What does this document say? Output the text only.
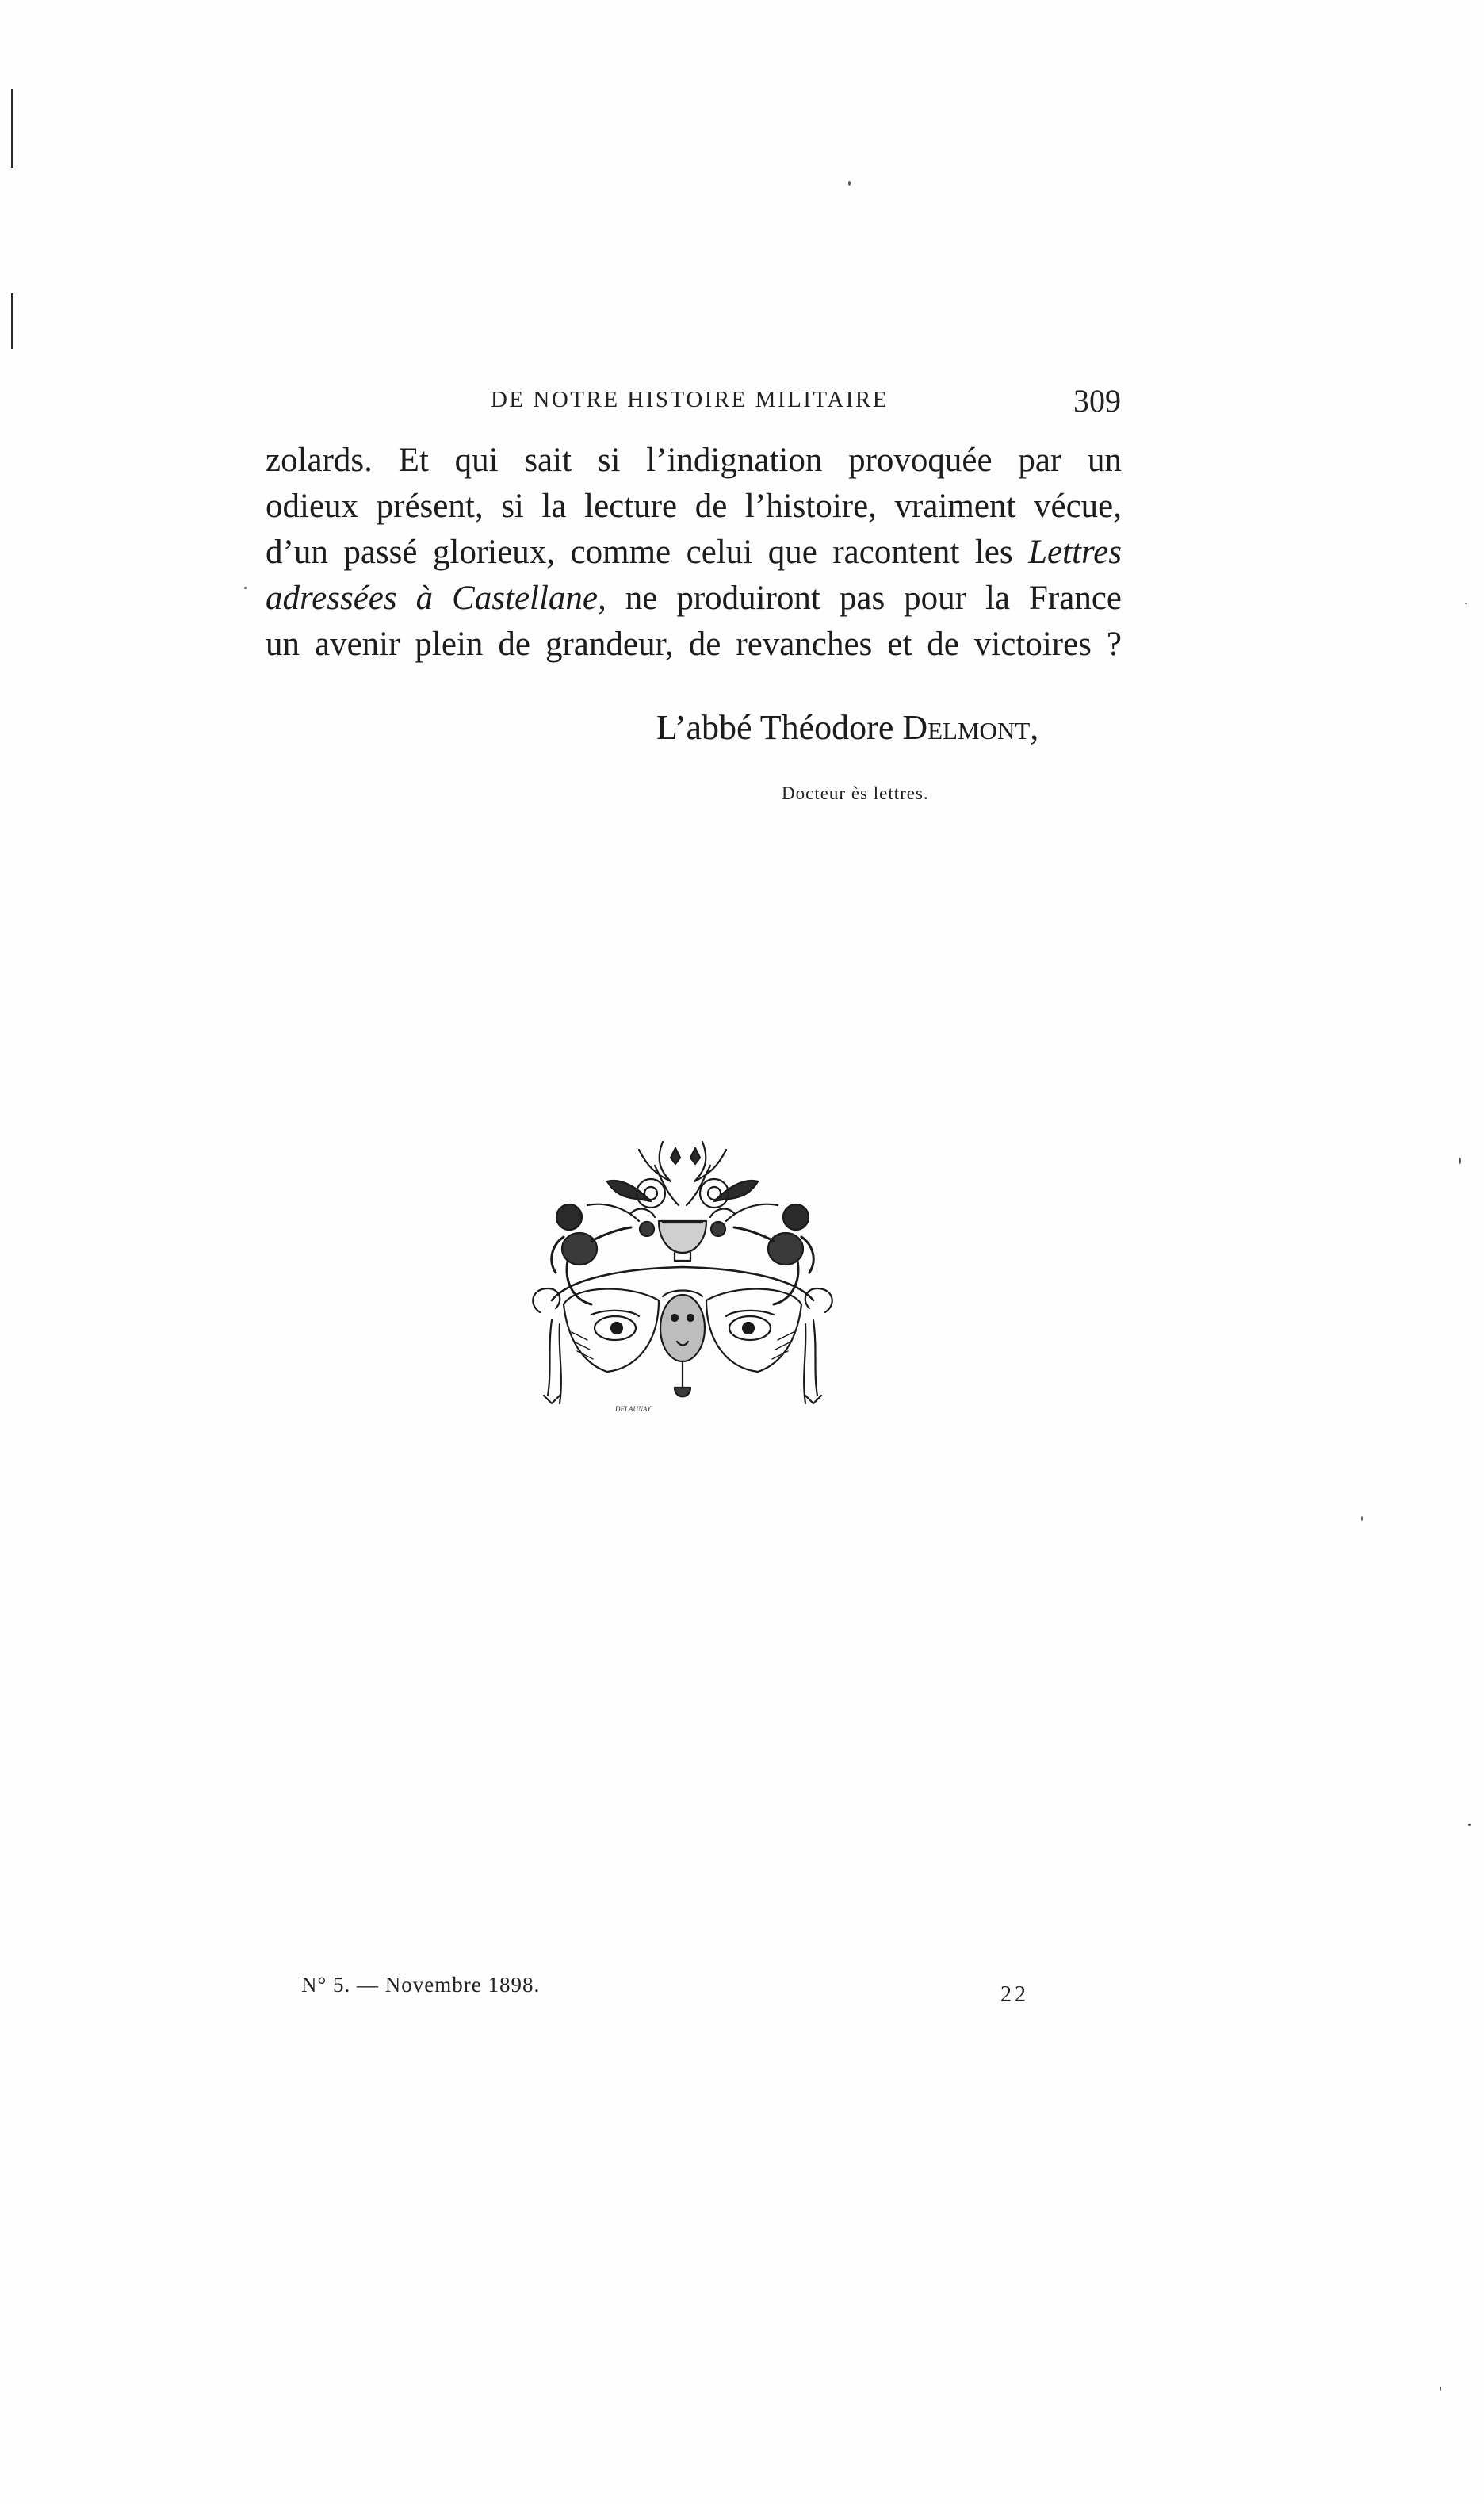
DE NOTRE HISTOIRE MILITAIRE	309
zolards. Et qui sait si l’indignation provoquée par un
odieux présent, si la lecture de l’histoire, vraiment vécue,
d’un passé glorieux, comme celui que racontent les Lettres
adressées à Castellane, ne produiront pas pour la France
un avenir plein de grandeur, de revanches et de victoires ?
L’abbé Théodore Delmont,
Docteur ès lettres.
DELAUNAY
N° 5. — Novembre 1898.	22
